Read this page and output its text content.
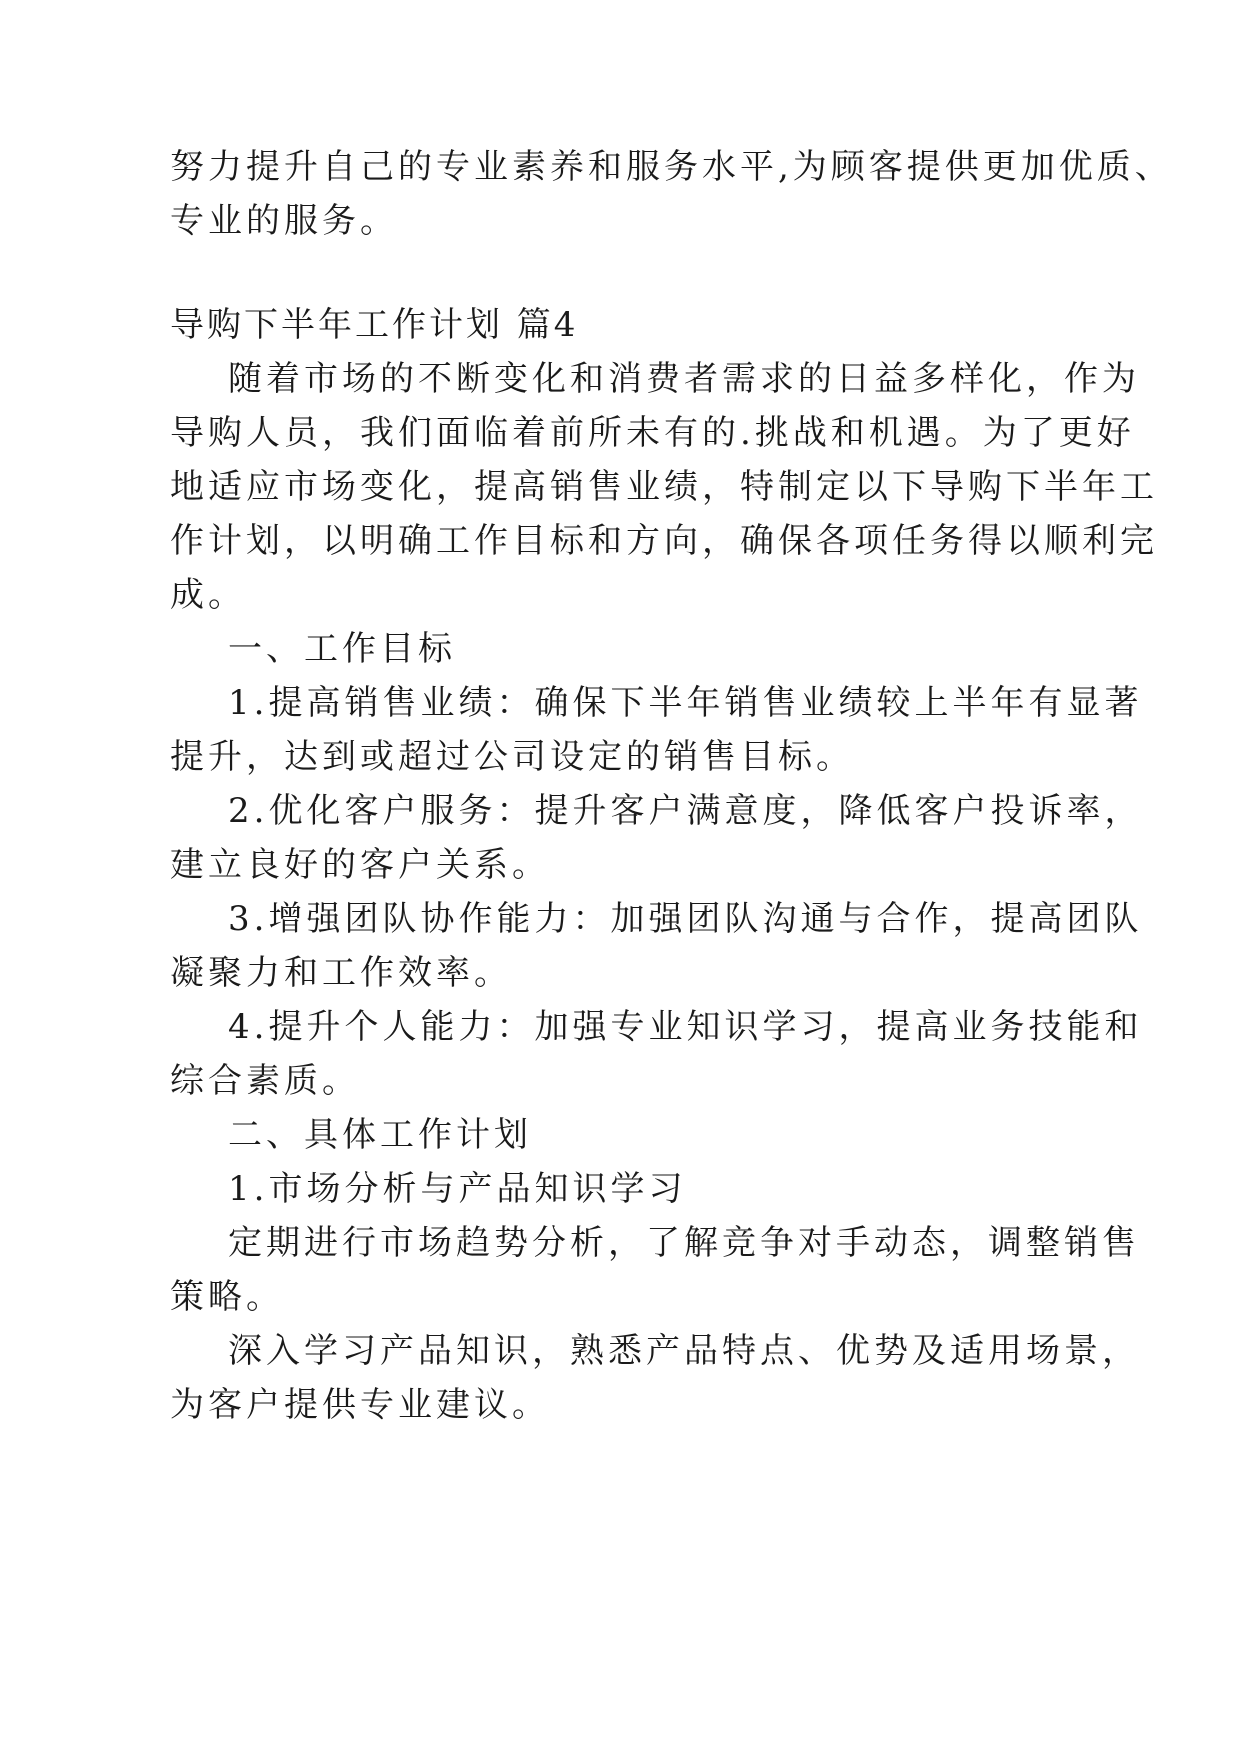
努力提升自己的专业素养和服务水平,为顾客提供更加优质、
专业的服务。
导购下半年工作计划 篇4
随着市场的不断变化和消费者需求的日益多样化，作为
导购人员，我们面临着前所未有的.挑战和机遇。为了更好
地适应市场变化，提高销售业绩，特制定以下导购下半年工
作计划，以明确工作目标和方向，确保各项任务得以顺利完
成。
一、工作目标
1.提高销售业绩：确保下半年销售业绩较上半年有显著
提升，达到或超过公司设定的销售目标。
2.优化客户服务：提升客户满意度，降低客户投诉率，
建立良好的客户关系。
3.增强团队协作能力：加强团队沟通与合作，提高团队
凝聚力和工作效率。
4.提升个人能力：加强专业知识学习，提高业务技能和
综合素质。
二、具体工作计划
1.市场分析与产品知识学习
定期进行市场趋势分析，了解竞争对手动态，调整销售
策略。
深入学习产品知识，熟悉产品特点、优势及适用场景，
为客户提供专业建议。
